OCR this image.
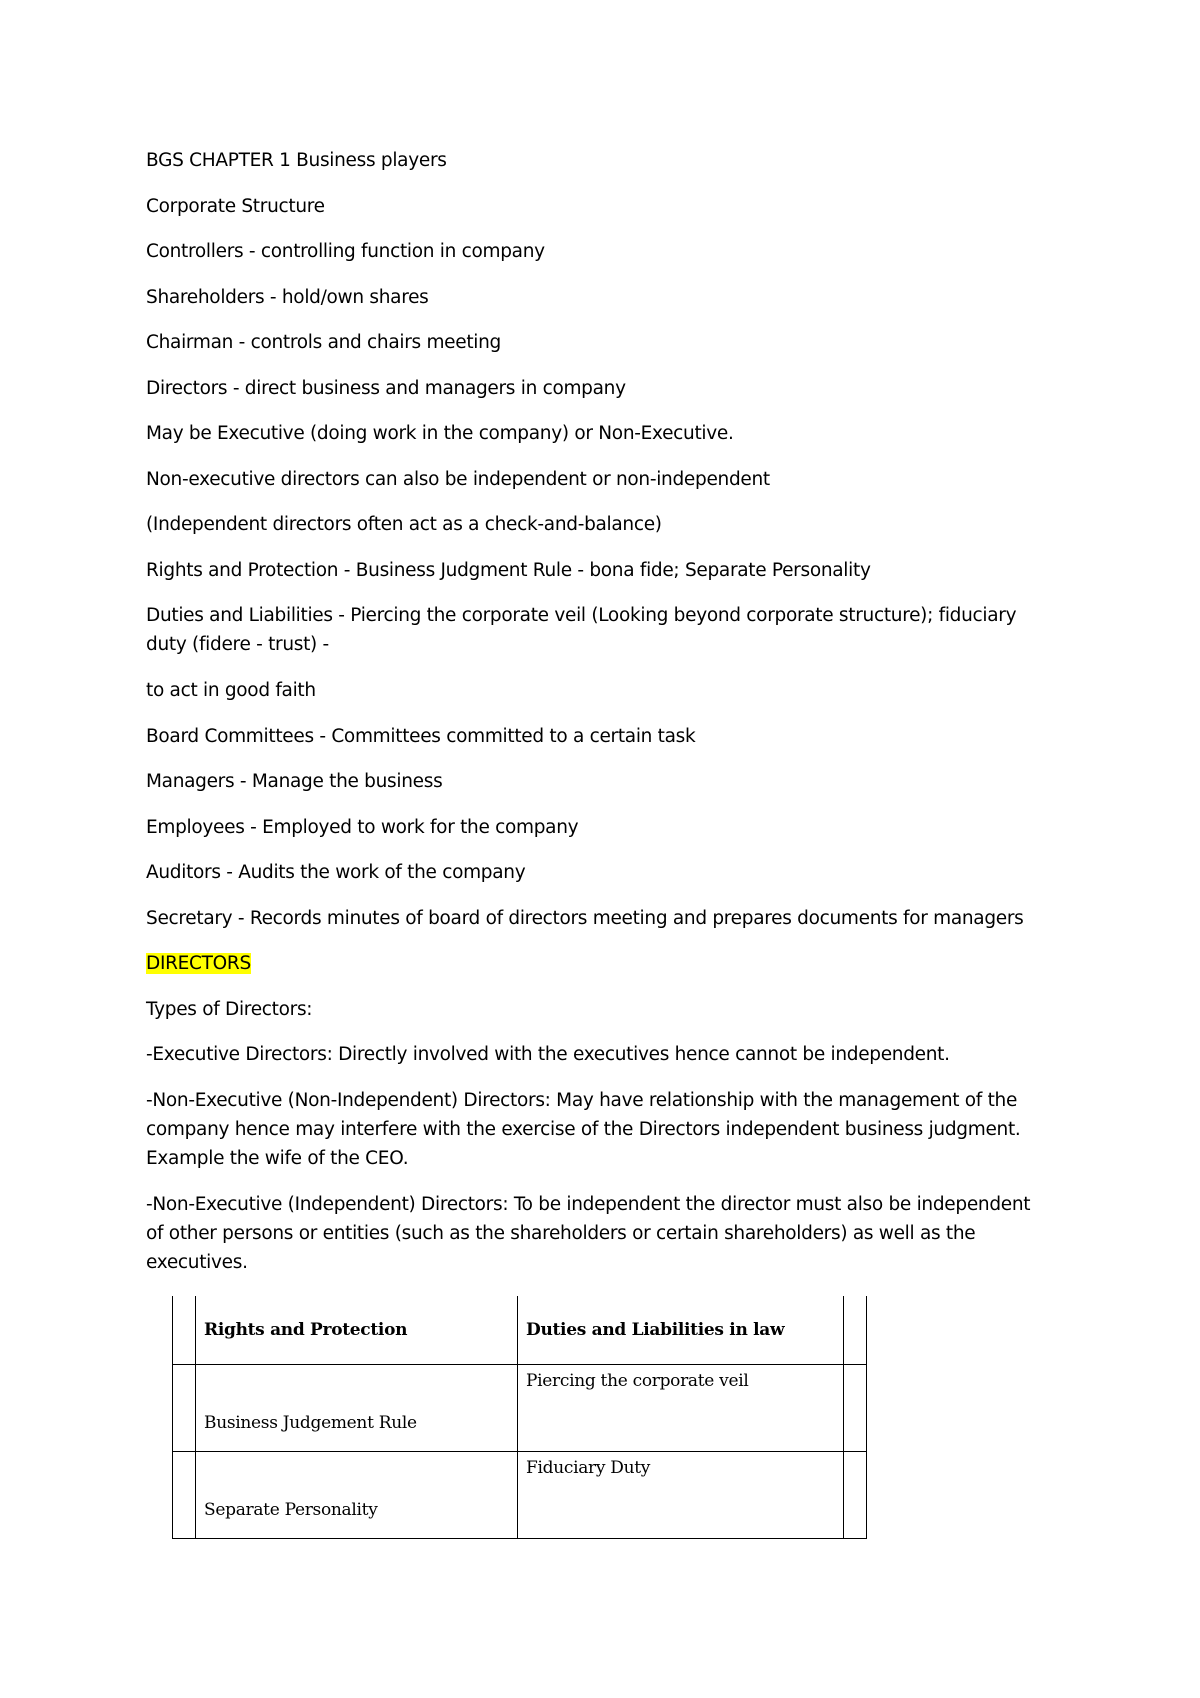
BGS CHAPTER 1 Business players
Corporate Structure
Controllers - controlling function in company
Shareholders - hold/own shares
Chairman - controls and chairs meeting
Directors - direct business and managers in company
May be Executive (doing work in the company) or Non-Executive.
Non-executive directors can also be independent or non-independent
(Independent directors often act as a check-and-balance)
Rights and Protection - Business Judgment Rule - bona fide; Separate Personality
Duties and Liabilities - Piercing the corporate veil (Looking beyond corporate structure); fiduciary duty (fidere - trust) -
to act in good faith
Board Committees - Committees committed to a certain task
Managers - Manage the business
Employees - Employed to work for the company
Auditors - Audits the work of the company
Secretary - Records minutes of board of directors meeting and prepares documents for managers
DIRECTORS
Types of Directors:
-Executive Directors: Directly involved with the executives hence cannot be independent.
-Non-Executive (Non-Independent) Directors: May have relationship with the management of the company hence may interfere with the exercise of the Directors independent business judgment. Example the wife of the CEO.
-Non-Executive (Independent) Directors: To be independent the director must also be independent of other persons or entities (such as the shareholders or certain shareholders) as well as the executives.
	Rights and Protection	Duties and Liabilities in law	
	Business Judgement Rule	Piercing the corporate veil	
	Separate Personality	Fiduciary Duty	
